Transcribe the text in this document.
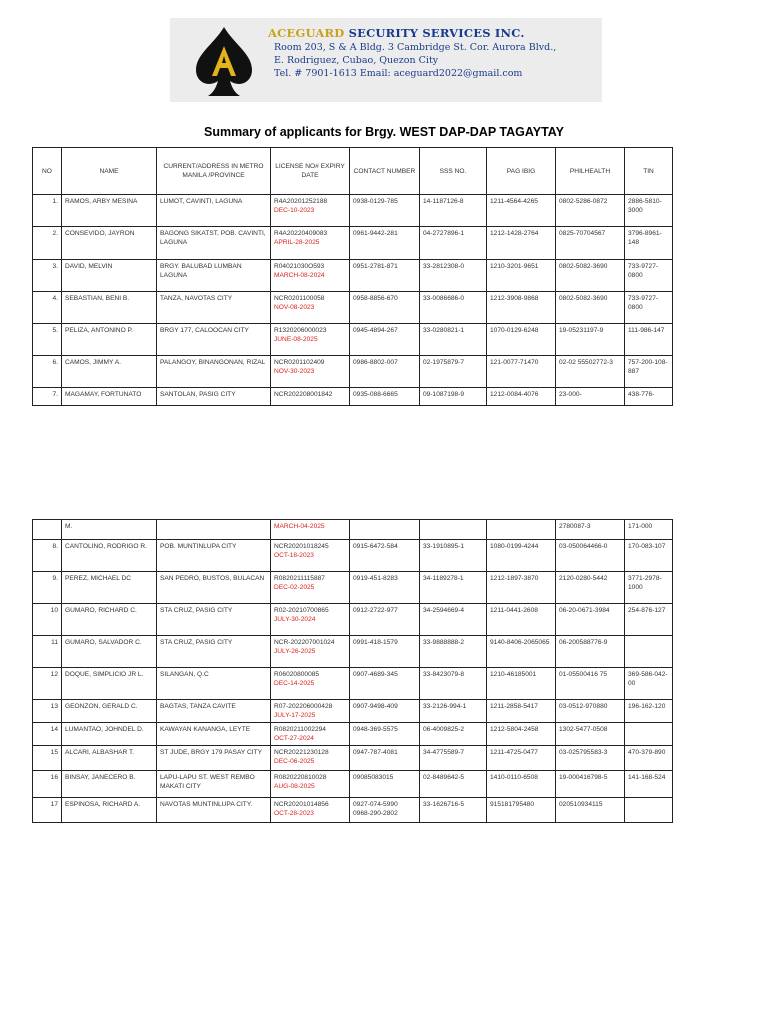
ACEGUARD SECURITY SERVICES INC.
Room 203, S & A Bldg. 3 Cambridge St. Cor. Aurora Blvd.,
E. Rodriguez, Cubao, Quezon City
Tel. # 7901-1613 Email: aceguard2022@gmail.com
Summary of applicants for Brgy. WEST DAP-DAP TAGAYTAY
NO	NAME	CURRENT/ADDRESS IN METRO MANILA /PROVINCE	LICENSE NO# EXPIRY DATE	CONTACT NUMBER	SSS NO.	PAG IBIG	PHILHEALTH	TIN
1.	RAMOS, ARBY MESINA	LUMOT, CAVINTI, LAGUNA	R4A20201252188
DEC-10-2023	0938-0129-785	14-1187126-8	1211-4564-4265	0802-5286-0872	2886-5810-3000
2.	CONSEVIDO, JAYRON	BAGONG SIKATST, POB. CAVINTI, LAGUNA	R4A20220409083
APRIL-28-2025	0961-9442-281	04-2727896-1	1212-1428-2764	0825-70704567	3796-8961-148
3.	DAVID, MELVIN	BRGY. BALUBAD LUMBAN LAGUNA	R04021030O593
MARCH-08-2024	0951-2781-871	33-2812308-0	1210-3201-9651	0802-5082-3690	733-9727-0800
4.	SEBASTIAN, BENI B.	TANZA, NAVOTAS CITY	NCR0201100058
NOV-08-2023	0958-8856-670	33-0086686-0	1212-3908-9868	0802-5082-3690	733-9727-0800
5.	PELIZA, ANTONINO P.	BRGY 177, CALOOCAN CITY	R1320206000023
JUNE-08-2025	0945-4894-267	33-0280821-1	1070-0129-6248	19-05231197-9	111-986-147
6.	CAMOS, JIMMY A.	PALANGOY, BINANGONAN, RIZAL	NCR0201102409
NOV-30-2023	0986-8802-007	02-1975879-7	121-0077-71470	02-02 55502772-3	757-200-108-887
7.	MAGAMAY, FORTUNATO	SANTOLAN, PASIG CITY	NCR202208001842	0935-088-6665	09-1087198-9	1212-0084-4076	23-000-	438-776-
	M.		MARCH-04-2025				2780087-3	171-000
8.	CANTOLINO, RODRIGO R.	POB. MUNTINLUPA CITY	NCR20201018245
OCT-18-2023	0915-6472-584	33-1910895-1	1080-0199-4244	03-050064466-0	170-083-107
9.	PEREZ, MICHAEL DC	SAN PEDRO, BUSTOS, BULACAN	R0820211115887
DEC-02-2025	0919-451-8283	34-1189278-1	1212-1897-3870	2120-0280-5442	3771-2978-1000
10	GUMARO, RICHARD C.	STA CRUZ, PASIG CITY	R02-20210700865
JULY-30-2024	0912-2722-977	34-2594669-4	1211-0441-2608	06-20-0671-3984	254-876-127
11	GUMARO, SALVADOR C.	STA CRUZ, PASIG CITY	NCR-202207001024
JULY-26-2025	0991-418-1579	33-9888888-2	9140-8406-2065065	06-200588776-9	
12	DOQUE, SIMPLICIO JR L.	SILANGAN, Q.C	R06020800085
DEC-14-2025	0907-4689-345	33-8423079-8	1210-46185001	01-05500416 75	369-586-042-00
13	GEONZON, GERALD C.	BAGTAS, TANZA CAVITE	R07-202206000428
JULY-17-2025	0907-9498-409	33-2126-994-1	1211-2858-5417	03-0512-970880	196-162-120
14	LUMANTAO, JOHNDEL D.	KAWAYAN KANANGA, LEYTE	R0820211002294
OCT-27-2024	0948-369-5575	06-4009825-2	1212-5804-2458	1302-5477-0508	
15	ALCARI, ALBASHAR T.	ST JUDE, BRGY 179 PASAY CITY	NCR20221230128
DEC-06-2025	0947-787-4081	34-4775589-7	1211-4725-0477	03-025795583-3	470-379-890
16	BINSAY, JANECERO B.	LAPU-LAPU ST. WEST REMBO MAKATI CITY	R0820220810028
AUG-08-2025	09085083015	02-8489642-5	1410-0110-6508	19-000416798-5	141-168-524
17	ESPINOSA, RICHARD A.	NAVOTAS MUNTINLUPA CITY.	NCR20201014856
OCT-28-2023	0927-074-5990 0968-290-2802	33-1626716-5	915181795480	020510934115	
